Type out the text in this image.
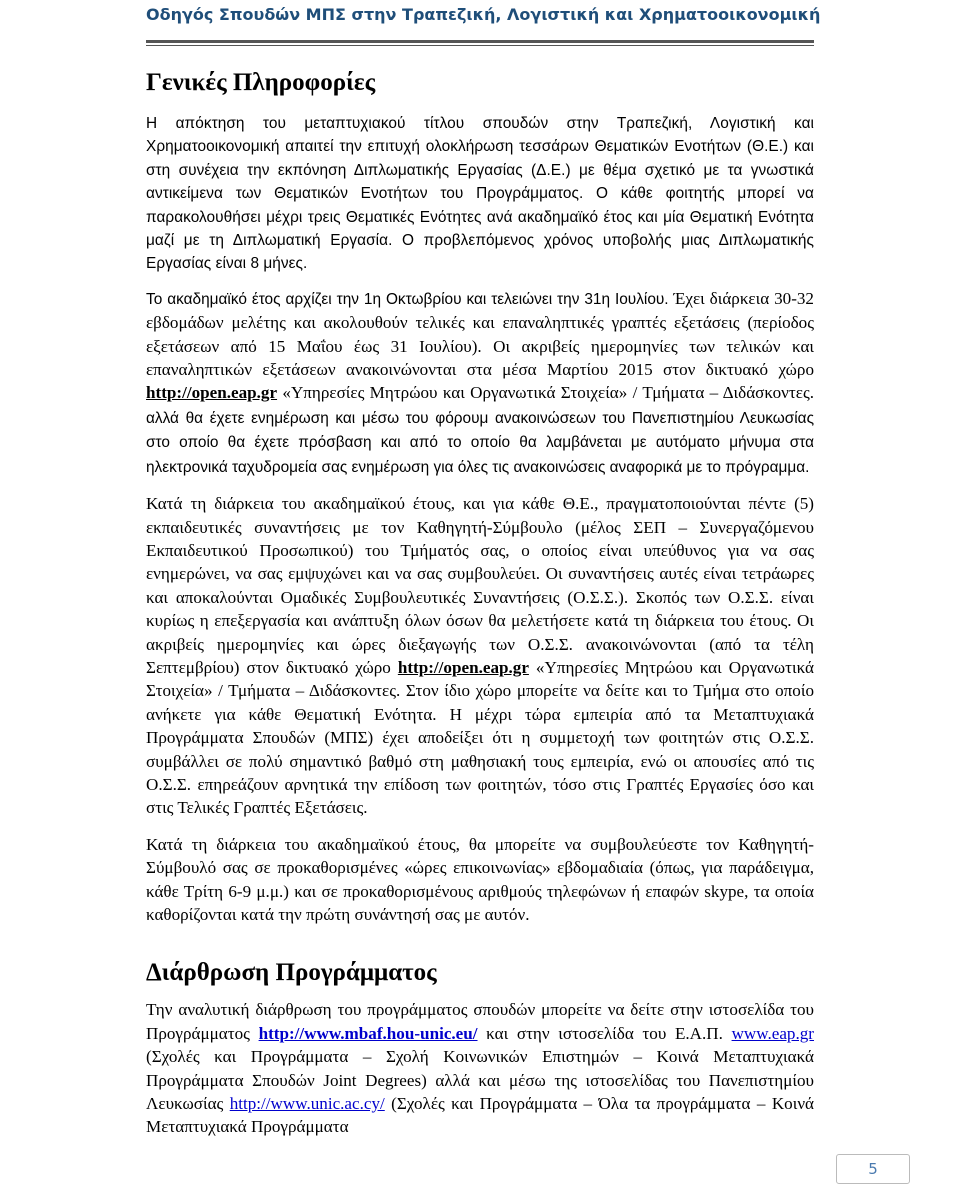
Οδηγός Σπουδών ΜΠΣ στην Τραπεζική, Λογιστική και Χρηματοοικονομική
Γενικές Πληροφορίες

Η απόκτηση του μεταπτυχιακού τίτλου σπουδών στην Τραπεζική, Λογιστική και Χρηματοοικονομική απαιτεί την επιτυχή ολοκλήρωση τεσσάρων Θεματικών Ενοτήτων (Θ.Ε.) και στη συνέχεια την εκπόνηση Διπλωματικής Εργασίας (Δ.Ε.) με θέμα σχετικό με τα γνωστικά αντικείμενα των Θεματικών Ενοτήτων του Προγράμματος. Ο κάθε φοιτητής μπορεί να παρακολουθήσει μέχρι τρεις Θεματικές Ενότητες ανά ακαδημαϊκό έτος και μία Θεματική Ενότητα μαζί με τη Διπλωματική Εργασία. Ο προβλεπόμενος χρόνος υποβολής μιας Διπλωματικής Εργασίας είναι 8 μήνες.

Το ακαδημαϊκό έτος αρχίζει την 1η Οκτωβρίου και τελειώνει την 31η Ιουλίου. Έχει διάρκεια 30-32 εβδομάδων μελέτης και ακολουθούν τελικές και επαναληπτικές γραπτές εξετάσεις (περίοδος εξετάσεων από 15 Μαΐου έως 31 Ιουλίου). Οι ακριβείς ημερομηνίες των τελικών και επαναληπτικών εξετάσεων ανακοινώνονται στα μέσα Μαρτίου 2015 στον δικτυακό χώρο http://open.eap.gr «Υπηρεσίες Μητρώου και Οργανωτικά Στοιχεία» / Τμήματα – Διδάσκοντες. αλλά θα έχετε ενημέρωση και μέσω του φόρουμ ανακοινώσεων του Πανεπιστημίου Λευκωσίας στο οποίο θα έχετε πρόσβαση και από το οποίο θα λαμβάνεται με αυτόματο μήνυμα στα ηλεκτρονικά ταχυδρομεία σας ενημέρωση για όλες τις ανακοινώσεις αναφορικά με το πρόγραμμα.

Κατά τη διάρκεια του ακαδημαϊκού έτους, και για κάθε Θ.Ε., πραγματοποιούνται πέντε (5) εκπαιδευτικές συναντήσεις με τον Καθηγητή-Σύμβουλο (μέλος ΣΕΠ – Συνεργαζόμενου Εκπαιδευτικού Προσωπικού) του Τμήματός σας, ο οποίος είναι υπεύθυνος για να σας ενημερώνει, να σας εμψυχώνει και να σας συμβουλεύει. Οι συναντήσεις αυτές είναι τετράωρες και αποκαλούνται Ομαδικές Συμβουλευτικές Συναντήσεις (Ο.Σ.Σ.). Σκοπός των Ο.Σ.Σ. είναι κυρίως η επεξεργασία και ανάπτυξη όλων όσων θα μελετήσετε κατά τη διάρκεια του έτους. Οι ακριβείς ημερομηνίες και ώρες διεξαγωγής των Ο.Σ.Σ. ανακοινώνονται (από τα τέλη Σεπτεμβρίου) στον δικτυακό χώρο http://open.eap.gr «Υπηρεσίες Μητρώου και Οργανωτικά Στοιχεία» / Τμήματα – Διδάσκοντες. Στον ίδιο χώρο μπορείτε να δείτε και το Τμήμα στο οποίο ανήκετε για κάθε Θεματική Ενότητα. Η μέχρι τώρα εμπειρία από τα Μεταπτυχιακά Προγράμματα Σπουδών (ΜΠΣ) έχει αποδείξει ότι η συμμετοχή των φοιτητών στις Ο.Σ.Σ. συμβάλλει σε πολύ σημαντικό βαθμό στη μαθησιακή τους εμπειρία, ενώ οι απουσίες από τις Ο.Σ.Σ. επηρεάζουν αρνητικά την επίδοση των φοιτητών, τόσο στις Γραπτές Εργασίες όσο και στις Τελικές Γραπτές Εξετάσεις.

Κατά τη διάρκεια του ακαδημαϊκού έτους, θα μπορείτε να συμβουλεύεστε τον Καθηγητή-Σύμβουλό σας σε προκαθορισμένες «ώρες επικοινωνίας» εβδομαδιαία (όπως, για παράδειγμα, κάθε Τρίτη 6-9 μ.μ.) και σε προκαθορισμένους αριθμούς τηλεφώνων ή επαφών skype, τα οποία καθορίζονται κατά την πρώτη συνάντησή σας με αυτόν.

Διάρθρωση Προγράμματος

Την αναλυτική διάρθρωση του προγράμματος σπουδών μπορείτε να δείτε στην ιστοσελίδα του Προγράμματος http://www.mbaf.hou-unic.eu/ και στην ιστοσελίδα του Ε.Α.Π. www.eap.gr (Σχολές και Προγράμματα – Σχολή Κοινωνικών Επιστημών – Κοινά Μεταπτυχιακά Προγράμματα Σπουδών Joint Degrees) αλλά και μέσω της ιστοσελίδας του Πανεπιστημίου Λευκωσίας http://www.unic.ac.cy/ (Σχολές και Προγράμματα – Όλα τα προγράμματα – Κοινά Μεταπτυχιακά Προγράμματα

5
